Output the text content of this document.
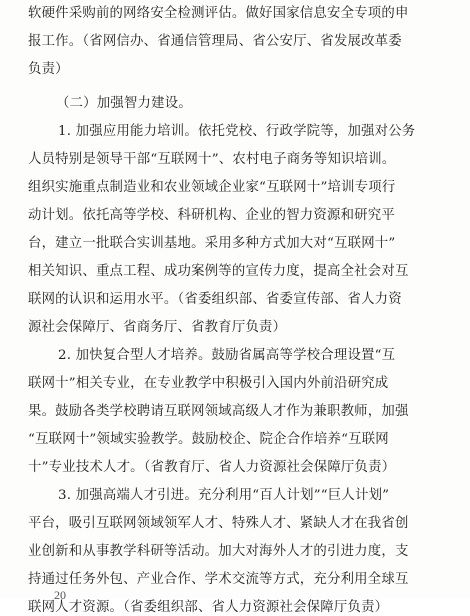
软硬件采购前的网络安全检测评估。做好国家信息安全专项的申
报工作。（省网信办、省通信管理局、省公安厅、省发展改革委
负责）
（二）加强智力建设。
1. 加强应用能力培训。依托党校、行政学院等，加强对公务
人员特别是领导干部“互联网十”、农村电子商务等知识培训。
组织实施重点制造业和农业领域企业家“互联网十”培训专项行
动计划。依托高等学校、科研机构、企业的智力资源和研究平
台，建立一批联合实训基地。采用多种方式加大对“互联网十”
相关知识、重点工程、成功案例等的宣传力度，提高全社会对互
联网的认识和运用水平。（省委组织部、省委宣传部、省人力资
源社会保障厅、省商务厅、省教育厅负责）
2. 加快复合型人才培养。鼓励省属高等学校合理设置“互
联网十”相关专业，在专业教学中积极引入国内外前沿研究成
果。鼓励各类学校聘请互联网领域高级人才作为兼职教师，加强
“互联网十”领域实验教学。鼓励校企、院企合作培养“互联网
十”专业技术人才。（省教育厅、省人力资源社会保障厅负责）
3. 加强高端人才引进。充分利用“百人计划”“巨人计划”
平台，吸引互联网领域领军人才、特殊人才、紧缺人才在我省创
业创新和从事教学科研等活动。加大对海外人才的引进力度，支
持通过任务外包、产业合作、学术交流等方式，充分利用全球互
联网人才资源。（省委组织部、省人力资源社会保障厅负责）
20
